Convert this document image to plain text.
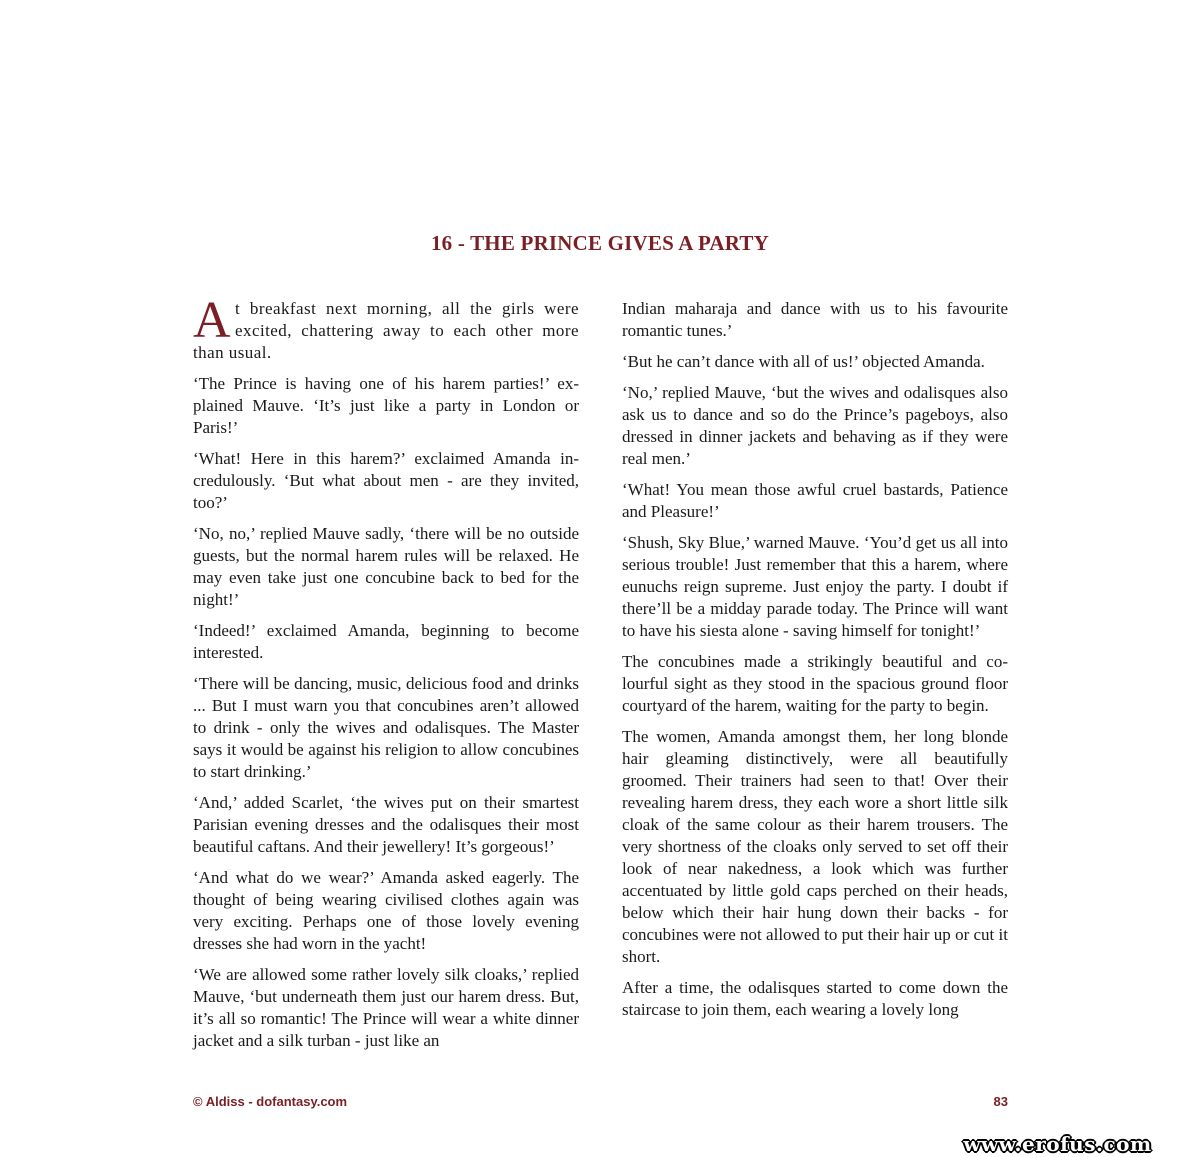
16 - THE PRINCE GIVES A PARTY

At breakfast next morning, all the girls were excited, chattering away to each other more than usual.

‘The Prince is having one of his harem parties!’ explained Mauve. ‘It’s just like a party in London or Paris!’

‘What! Here in this harem?’ exclaimed Amanda incredulously. ‘But what about men - are they invited, too?’

‘No, no,’ replied Mauve sadly, ‘there will be no outside guests, but the normal harem rules will be relaxed. He may even take just one concubine back to bed for the night!’

‘Indeed!’ exclaimed Amanda, beginning to become interested.

‘There will be dancing, music, delicious food and drinks ... But I must warn you that concubines aren’t allowed to drink - only the wives and odalisques. The Master says it would be against his religion to allow concubines to start drinking.’

‘And,’ added Scarlet, ‘the wives put on their smartest Parisian evening dresses and the odalisques their most beautiful caftans. And their jewellery! It’s gorgeous!’

‘And what do we wear?’ Amanda asked eagerly. The thought of being wearing civilised clothes again was very exciting. Perhaps one of those lovely evening dresses she had worn in the yacht!

‘We are allowed some rather lovely silk cloaks,’ replied Mauve, ‘but underneath them just our harem dress. But, it’s all so romantic! The Prince will wear a white dinner jacket and a silk turban - just like an

Indian maharaja and dance with us to his favourite romantic tunes.’

‘But he can’t dance with all of us!’ objected Amanda.

‘No,’ replied Mauve, ‘but the wives and odalisques also ask us to dance and so do the Prince’s pageboys, also dressed in dinner jackets and behaving as if they were real men.’

‘What! You mean those awful cruel bastards, Patience and Pleasure!’

‘Shush, Sky Blue,’ warned Mauve. ‘You’d get us all into serious trouble! Just remember that this a harem, where eunuchs reign supreme. Just enjoy the party. I doubt if there’ll be a midday parade today. The Prince will want to have his siesta alone - saving himself for tonight!’

The concubines made a strikingly beautiful and colourful sight as they stood in the spacious ground floor courtyard of the harem, waiting for the party to begin.

The women, Amanda amongst them, her long blonde hair gleaming distinctively, were all beautifully groomed. Their trainers had seen to that! Over their revealing harem dress, they each wore a short little silk cloak of the same colour as their harem trousers. The very shortness of the cloaks only served to set off their look of near nakedness, a look which was further accentuated by little gold caps perched on their heads, below which their hair hung down their backs - for concubines were not allowed to put their hair up or cut it short.

After a time, the odalisques started to come down the staircase to join them, each wearing a lovely long

© Aldiss - dofantasy.com	83
www.erofus.com
